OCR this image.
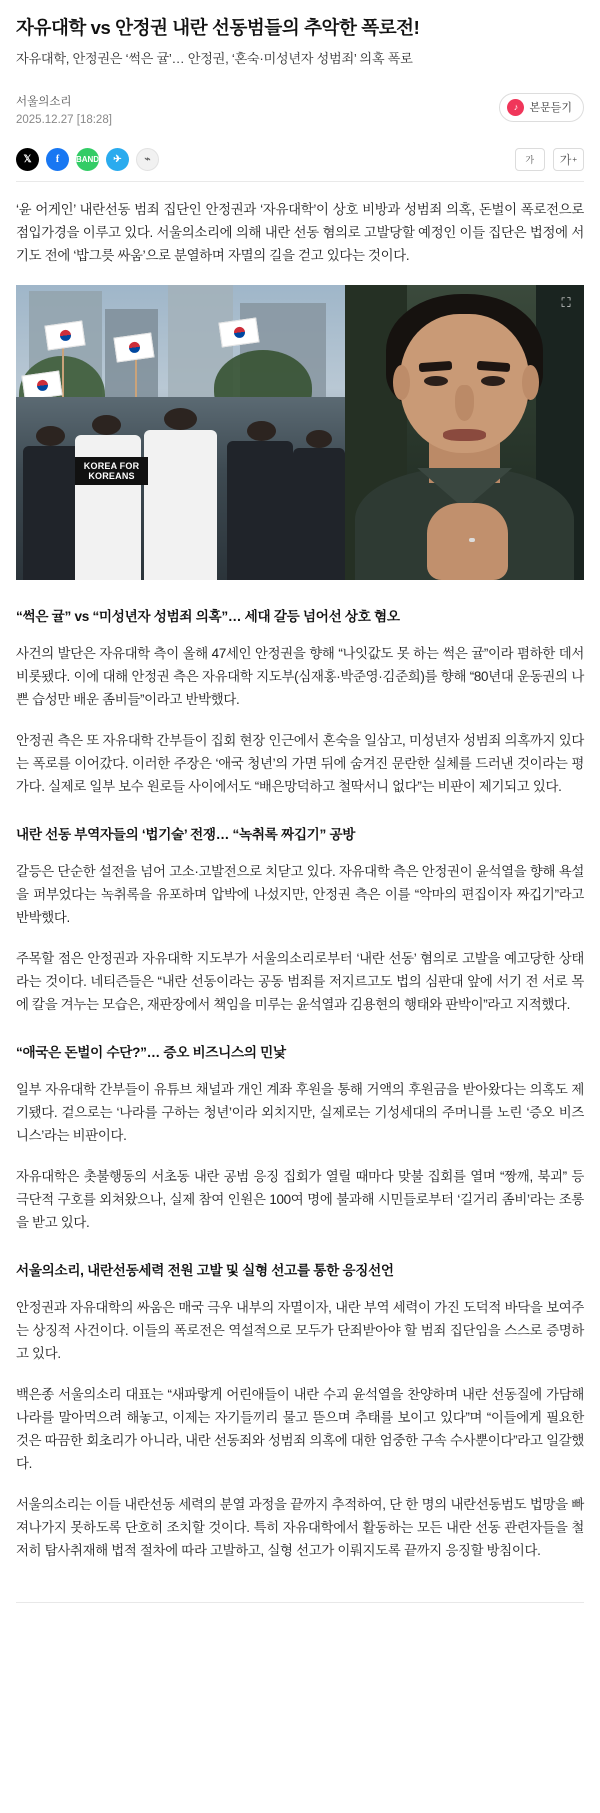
자유대학 vs 안정권 내란 선동범들의 추악한 폭로전!

자유대학, 안정권은 ‘썩은 귤’… 안정권, ‘혼숙·미성년자 성범죄’ 의혹 폭로

서울의소리
2025.12.27 [18:28]
♪	본문듣기
𝕏	f	BAND	✈	⌁	가 가 +

‘윤 어게인’ 내란선동 범죄 집단인 안정권과 ‘자유대학’이 상호 비방과 성범죄 의혹, 돈벌이 폭로전으로 점입가경을 이루고 있다. 서울의소리에 의해 내란 선동 혐의로 고발당할 예정인 이들 집단은 법정에 서기도 전에 ‘밥그릇 싸움’으로 분열하며 자멸의 길을 걷고 있다는 것이다.

KOREA FOR KOREANS
⛶
“썩은 귤” vs “미성년자 성범죄 의혹”… 세대 갈등 넘어선 상호 혐오

사건의 발단은 자유대학 측이 올해 47세인 안정권을 향해 “나잇값도 못 하는 썩은 귤”이라 폄하한 데서 비롯됐다. 이에 대해 안정권 측은 자유대학 지도부(심재홍·박준영·김준희)를 향해 “80년대 운동권의 나쁜 습성만 배운 좀비들”이라고 반박했다.

안정권 측은 또 자유대학 간부들이 집회 현장 인근에서 혼숙을 일삼고, 미성년자 성범죄 의혹까지 있다는 폭로를 이어갔다. 이러한 주장은 ‘애국 청년’의 가면 뒤에 숨겨진 문란한 실체를 드러낸 것이라는 평가다. 실제로 일부 보수 원로들 사이에서도 “배은망덕하고 철딱서니 없다”는 비판이 제기되고 있다.

내란 선동 부역자들의 ‘법기술’ 전쟁… “녹취록 짜깁기” 공방

갈등은 단순한 설전을 넘어 고소·고발전으로 치닫고 있다. 자유대학 측은 안정권이 윤석열을 향해 욕설을 퍼부었다는 녹취록을 유포하며 압박에 나섰지만, 안정권 측은 이를 “악마의 편집이자 짜깁기”라고 반박했다.

주목할 점은 안정권과 자유대학 지도부가 서울의소리로부터 ‘내란 선동’ 혐의로 고발을 예고당한 상태라는 것이다. 네티즌들은 “내란 선동이라는 공동 범죄를 저지르고도 법의 심판대 앞에 서기 전 서로 목에 칼을 겨누는 모습은, 재판장에서 책임을 미루는 윤석열과 김용현의 행태와 판박이”라고 지적했다.

“애국은 돈벌이 수단?”… 증오 비즈니스의 민낯

일부 자유대학 간부들이 유튜브 채널과 개인 계좌 후원을 통해 거액의 후원금을 받아왔다는 의혹도 제기됐다. 겉으로는 ‘나라를 구하는 청년’이라 외치지만, 실제로는 기성세대의 주머니를 노린 ‘증오 비즈니스’라는 비판이다.

자유대학은 촛불행동의 서초동 내란 공범 응징 집회가 열릴 때마다 맞불 집회를 열며 “짱깨, 북괴” 등 극단적 구호를 외쳐왔으나, 실제 참여 인원은 100여 명에 불과해 시민들로부터 ‘길거리 좀비’라는 조롱을 받고 있다.

서울의소리, 내란선동세력 전원 고발 및 실형 선고를 통한 응징선언

안정권과 자유대학의 싸움은 매국 극우 내부의 자멸이자, 내란 부역 세력이 가진 도덕적 바닥을 보여주는 상징적 사건이다. 이들의 폭로전은 역설적으로 모두가 단죄받아야 할 범죄 집단임을 스스로 증명하고 있다.

백은종 서울의소리 대표는 “새파랗게 어린애들이 내란 수괴 윤석열을 찬양하며 내란 선동질에 가담해 나라를 말아먹으려 해놓고, 이제는 자기들끼리 물고 뜯으며 추태를 보이고 있다”며 “이들에게 필요한 것은 따끔한 회초리가 아니라, 내란 선동죄와 성범죄 의혹에 대한 엄중한 구속 수사뿐이다”라고 일갈했다.

서울의소리는 이들 내란선동 세력의 분열 과정을 끝까지 추적하여, 단 한 명의 내란선동범도 법망을 빠져나가지 못하도록 단호히 조치할 것이다. 특히 자유대학에서 활동하는 모든 내란 선동 관련자들을 철저히 탐사취재해 법적 절차에 따라 고발하고, 실형 선고가 이뤄지도록 끝까지 응징할 방침이다.
